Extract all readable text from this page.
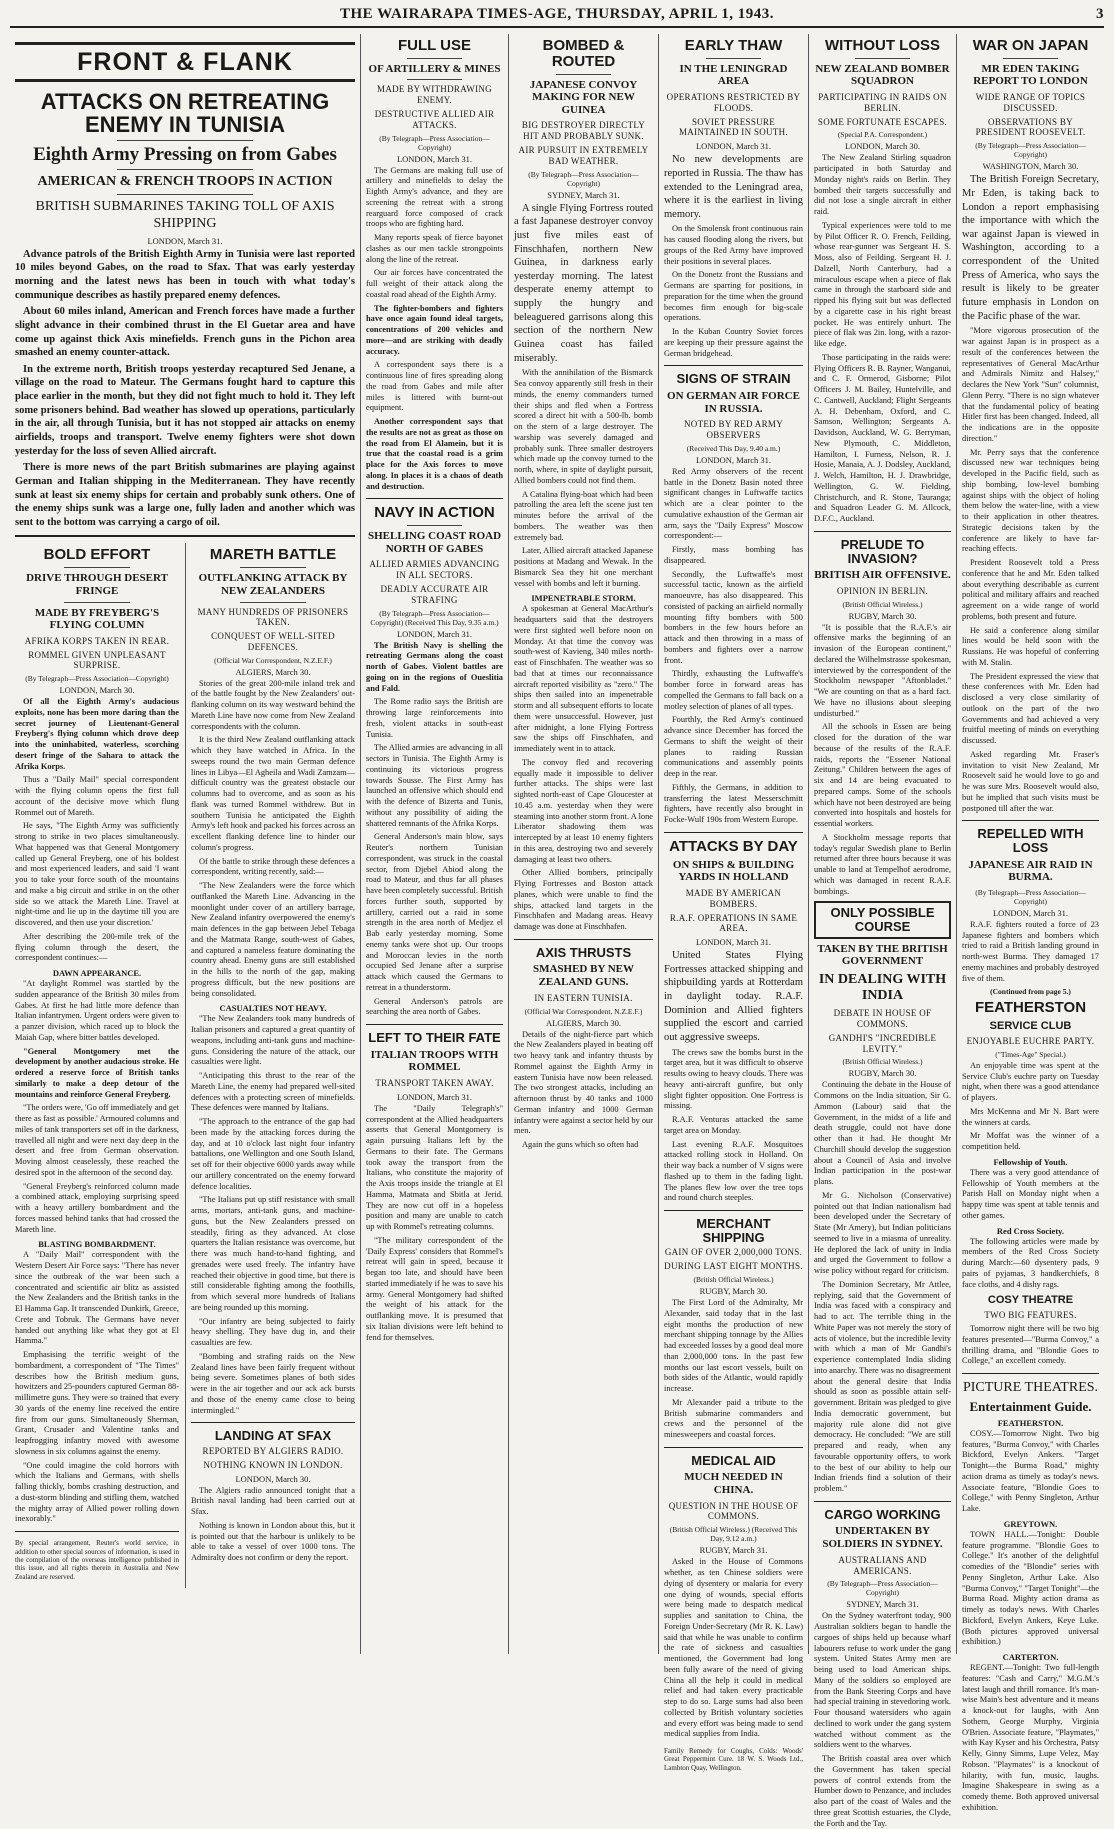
THE WAIRARAPA TIMES-AGE, THURSDAY, APRIL 1, 1943.	3
FRONT & FLANK
ATTACKS ON RETREATING ENEMY IN TUNISIA
Eighth Army Pressing on from Gabes
AMERICAN & FRENCH TROOPS IN ACTION
BRITISH SUBMARINES TAKING TOLL OF AXIS SHIPPING
LONDON, March 31.

Advance patrols of the British Eighth Army in Tunisia were last reported 10 miles beyond Gabes, on the road to Sfax. That was early yesterday morning and the latest news has been in touch with what today's communique describes as hastily prepared enemy defences.

About 60 miles inland, American and French forces have made a further slight advance in their combined thrust in the El Guetar area and have come up against thick Axis minefields. French guns in the Pichon area smashed an enemy counter-attack.

In the extreme north, British troops yesterday recaptured Sed Jenane, a village on the road to Mateur. The Germans fought hard to capture this place earlier in the month, but they did not fight much to hold it. They left some prisoners behind. Bad weather has slowed up operations, particularly in the air, all through Tunisia, but it has not stopped air attacks on enemy airfields, troops and transport. Twelve enemy fighters were shot down yesterday for the loss of seven Allied aircraft.

There is more news of the part British submarines are playing against German and Italian shipping in the Mediterranean. They have recently sunk at least six enemy ships for certain and probably sunk others. One of the enemy ships sunk was a large one, fully laden and another which was sent to the bottom was carrying a cargo of oil.

BOLD EFFORT
DRIVE THROUGH DESERT FRINGE
MADE BY FREYBERG'S FLYING COLUMN
AFRIKA KORPS TAKEN IN REAR.
ROMMEL GIVEN UNPLEASANT SURPRISE.
(By Telegraph—Press Association—Copyright)
LONDON, March 30.

Of all the Eighth Army's audacious exploits, none has been more daring than the secret journey of Lieutenant-General Freyberg's flying column which drove deep into the uninhabited, waterless, scorching desert fringe of the Sahara to attack the Afrika Korps.

Thus a "Daily Mail" special correspondent with the flying column opens the first full account of the decisive move which flung Rommel out of Mareth.

He says, "The Eighth Army was sufficiently strong to strike in two places simultaneously. What happened was that General Montgomery called up General Freyberg, one of his boldest and most experienced leaders, and said 'I want you to take your force south of the mountains and make a big circuit and strike in on the other side so we attack the Mareth Line. Travel at night-time and lie up in the daytime till you are discovered, and then use your discretion.'

After describing the 200-mile trek of the flying column through the desert, the correspondent continues:—

DAWN APPEARANCE.

"At daylight Rommel was startled by the sudden appearance of the British 30 miles from Gabes. At first he had little more defence than Italian infantrymen. Urgent orders were given to a panzer division, which raced up to block the Maiah Gap, where bitter battles developed.

"General Montgomery met the development by another audacious stroke. He ordered a reserve force of British tanks similarly to make a deep detour of the mountains and reinforce General Freyberg.

"The orders were, 'Go off immediately and get there as fast as possible.' Armoured columns and miles of tank transporters set off in the darkness, travelled all night and were next day deep in the desert and free from German observation. Moving almost ceaselessly, these reached the desired spot in the afternoon of the second day.

"General Freyberg's reinforced column made a combined attack, employing surprising speed with a heavy artillery bombardment and the forces massed behind tanks that had crossed the Mareth line.

BLASTING BOMBARDMENT.

A "Daily Mail" correspondent with the Western Desert Air Force says: "There has never since the outbreak of the war been such a concentrated and scientific air blitz as assisted the New Zealanders and the British tanks in the El Hamma Gap. It transcended Dunkirk, Greece, Crete and Tobruk. The Germans have never handed out anything like what they got at El Hamma."

Emphasising the terrific weight of the bombardment, a correspondent of "The Times" describes how the British medium guns, howitzers and 25-pounders captured German 88-millimetre guns. They were so trained that every 30 yards of the enemy line received the entire fire from our guns. Simultaneously Sherman, Grant, Crusader and Valentine tanks and leapfrogging infantry moved with awesome slowness in six columns against the enemy.

"One could imagine the cold horrors with which the Italians and Germans, with shells falling thickly, bombs crashing destruction, and a dust-storm blinding and stifling them, watched the mighty array of Allied power rolling down inexorably."

By special arrangement, Reuter's world service, in addition to other special sources of information, is used in the compilation of the overseas intelligence published in this issue, and all rights therein in Australia and New Zealand are reserved.

MARETH BATTLE
OUTFLANKING ATTACK BY NEW ZEALANDERS
MANY HUNDREDS OF PRISONERS TAKEN.
CONQUEST OF WELL-SITED DEFENCES.
(Official War Correspondent, N.Z.E.F.)
ALGIERS, March 30.

Stories of the great 200-mile inland trek and of the battle fought by the New Zealanders' out-flanking column on its way westward behind the Mareth Line have now come from New Zealand correspondents with the column.

It is the third New Zealand outflanking attack which they have watched in Africa. In the sweeps round the two main German defence lines in Libya—El Agheila and Wadi Zamzam—difficult country was the greatest obstacle our columns had to overcome, and as soon as his flank was turned Rommel withdrew. But in southern Tunisia he anticipated the Eighth Army's left hook and packed his forces across an excellent flanking defence line to hinder our column's progress.

Of the battle to strike through these defences a correspondent, writing recently, said:—

"The New Zealanders were the force which outflanked the Mareth Line. Advancing in the moonlight under cover of an artillery barrage, New Zealand infantry overpowered the enemy's main defences in the gap between Jebel Tebaga and the Matmata Range, south-west of Gabes, and captured a nameless feature dominating the country ahead. Enemy guns are still established in the hills to the north of the gap, making progress difficult, but the new positions are being consolidated.

CASUALTIES NOT HEAVY.

"The New Zealanders took many hundreds of Italian prisoners and captured a great quantity of weapons, including anti-tank guns and machine-guns. Considering the nature of the attack, our casualties were light.

"Anticipating this thrust to the rear of the Mareth Line, the enemy had prepared well-sited defences with a protecting screen of minefields. These defences were manned by Italians.

"The approach to the entrance of the gap had been made by the attacking forces during the day, and at 10 o'clock last night four infantry battalions, one Wellington and one South Island, set off for their objective 6000 yards away while our artillery concentrated on the enemy forward defence localities.

"The Italians put up stiff resistance with small arms, mortars, anti-tank guns, and machine-guns, but the New Zealanders pressed on steadily, firing as they advanced. At close quarters the Italian resistance was overcome, but there was much hand-to-hand fighting, and grenades were used freely. The infantry have reached their objective in good time, but there is still considerable fighting among the foothills, from which several more hundreds of Italians are being rounded up this morning.

"Our infantry are being subjected to fairly heavy shelling. They have dug in, and their casualties are few.

"Bombing and strafing raids on the New Zealand lines have been fairly frequent without being severe. Sometimes planes of both sides were in the air together and our ack ack bursts and those of the enemy came close to being intermingled."

LANDING AT SFAX
REPORTED BY ALGIERS RADIO.
NOTHING KNOWN IN LONDON.
LONDON, March 30.

The Algiers radio announced tonight that a British naval landing had been carried out at Sfax.

Nothing is known in London about this, but it is pointed out that the harbour is unlikely to be able to take a vessel of over 1000 tons. The Admiralty does not confirm or deny the report.

FULL USE
OF ARTILLERY & MINES
MADE BY WITHDRAWING ENEMY.
DESTRUCTIVE ALLIED AIR ATTACKS.
(By Telegraph—Press Association—Copyright)
LONDON, March 31.

The Germans are making full use of artillery and minefields to delay the Eighth Army's advance, and they are screening the retreat with a strong rearguard force composed of crack troops who are fighting hard.

Many reports speak of fierce bayonet clashes as our men tackle strongpoints along the line of the retreat.

Our air forces have concentrated the full weight of their attack along the coastal road ahead of the Eighth Army.

The fighter-bombers and fighters have once again found ideal targets, concentrations of 200 vehicles and more—and are striking with deadly accuracy.

A correspondent says there is a continuous line of fires spreading along the road from Gabes and mile after miles is littered with burnt-out equipment.

Another correspondent says that the results are not as great as those on the road from El Alamein, but it is true that the coastal road is a grim place for the Axis forces to move along. In places it is a chaos of death and destruction.

NAVY IN ACTION
SHELLING COAST ROAD NORTH OF GABES
ALLIED ARMIES ADVANCING IN ALL SECTORS.
DEADLY ACCURATE AIR STRAFING
(By Telegraph—Press Association—Copyright) (Received This Day, 9.35 a.m.)
LONDON, March 31.

The British Navy is shelling the retreating Germans along the coast north of Gabes. Violent battles are going on in the regions of Oueslitia and Fald.

The Rome radio says the British are throwing large reinforcements into fresh, violent attacks in south-east Tunisia.

The Allied armies are advancing in all sectors in Tunisia. The Eighth Army is continuing its victorious progress towards Sousse. The First Army has launched an offensive which should end with the defence of Bizerta and Tunis, without any possibility of aiding the shattered remnants of the Afrika Korps.

General Anderson's main blow, says Reuter's northern Tunisian correspondent, was struck in the coastal sector, from Djebel Abiod along the road to Mateur, and thus far all phases have been completely successful. British forces further south, supported by artillery, carried out a raid in some strength in the area north of Medjez el Bab early yesterday morning. Some enemy tanks were shot up. Our troops and Moroccan levies in the north occupied Sed Jenane after a surprise attack which caused the Germans to retreat in a thunderstorm.

General Anderson's patrols are searching the area north of Gabes.

LEFT TO THEIR FATE
ITALIAN TROOPS WITH ROMMEL
TRANSPORT TAKEN AWAY.
LONDON, March 31.

The "Daily Telegraph's" correspondent at the Allied headquarters asserts that General Montgomery is again pursuing Italians left by the Germans to their fate. The Germans took away the transport from the Italians, who constitute the majority of the Axis troops inside the triangle at El Hamma, Matmata and Sbitla at Jerid. They are now cut off in a hopeless position and many are unable to catch up with Rommel's retreating columns.

"The military correspondent of the 'Daily Express' considers that Rommel's retreat will gain in speed, because it began too late, and should have been started immediately if he was to save his army. General Montgomery had shifted the weight of his attack for the outflanking move. It is presumed that six Italian divisions were left behind to fend for themselves.

BOMBED & ROUTED
JAPANESE CONVOY MAKING FOR NEW GUINEA
BIG DESTROYER DIRECTLY HIT AND PROBABLY SUNK.
AIR PURSUIT IN EXTREMELY BAD WEATHER.
(By Telegraph—Press Association—Copyright)
SYDNEY, March 31.

A single Flying Fortress routed a fast Japanese destroyer convoy just five miles east of Finschhafen, northern New Guinea, in darkness early yesterday morning. The latest desperate enemy attempt to supply the hungry and beleaguered garrisons along this section of the northern New Guinea coast has failed miserably.

With the annihilation of the Bismarck Sea convoy apparently still fresh in their minds, the enemy commanders turned their ships and fled when a Fortress scored a direct hit with a 500-lb. bomb on the stern of a large destroyer. The warship was severely damaged and probably sunk. Three smaller destroyers which made up the convoy turned to the north, where, in spite of daylight pursuit, Allied bombers could not find them.

A Catalina flying-boat which had been patrolling the area left the scene just ten minutes before the arrival of the bombers. The weather was then extremely bad.

Later, Allied aircraft attacked Japanese positions at Madang and Wewak. In the Bismarck Sea they hit one merchant vessel with bombs and left it burning.

IMPENETRABLE STORM.

A spokesman at General MacArthur's headquarters said that the destroyers were first sighted well before noon on Monday. At that time the convoy was south-west of Kavieng, 340 miles north-east of Finschhafen. The weather was so bad that at times our reconnaissance aircraft reported visibility as "zero." The ships then sailed into an impenetrable storm and all subsequent efforts to locate them were unsuccessful. However, just after midnight, a lone Flying Fortress saw the ships off Finschhafen, and immediately went in to attack.

The convoy fled and recovering equally made it impossible to deliver further attacks. The ships were last sighted north-east of Cape Gloucester at 10.45 a.m. yesterday when they were steaming into another storm front. A lone Liberator shadowing them was intercepted by at least 10 enemy fighters in this area, destroying two and severely damaging at least two others.

Other Allied bombers, principally Flying Fortresses and Boston attack planes, which were unable to find the ships, attacked land targets in the Finschhafen and Madang areas. Heavy damage was done at Finschhafen.

AXIS THRUSTS
SMASHED BY NEW ZEALAND GUNS.
IN EASTERN TUNISIA.
(Official War Correspondent, N.Z.E.F.)
ALGIERS, March 30.

Details of the night-fierce part which the New Zealanders played in beating off two heavy tank and infantry thrusts by Rommel against the Eighth Army in eastern Tunisia have now been released. The two strongest attacks, including an afternoon thrust by 40 tanks and 1000 German infantry and 1000 German infantry were against a sector held by our men.

Again the guns which so often had

EARLY THAW
IN THE LENINGRAD AREA
OPERATIONS RESTRICTED BY FLOODS.
SOVIET PRESSURE MAINTAINED IN SOUTH.
LONDON, March 31.

No new developments are reported in Russia. The thaw has extended to the Leningrad area, where it is the earliest in living memory.

On the Smolensk front continuous rain has caused flooding along the rivers, but groups of the Red Army have improved their positions in several places.

On the Donetz front the Russians and Germans are sparring for positions, in preparation for the time when the ground becomes firm enough for big-scale operations.

In the Kuban Country Soviet forces are keeping up their pressure against the German bridgehead.

SIGNS OF STRAIN
ON GERMAN AIR FORCE IN RUSSIA.
NOTED BY RED ARMY OBSERVERS
(Received This Day, 9.40 a.m.)
LONDON, March 31.

Red Army observers of the recent battle in the Donetz Basin noted three significant changes in Luftwaffe tactics which are a clear pointer to the cumulative exhaustion of the German air arm, says the "Daily Express" Moscow correspondent:—

Firstly, mass bombing has disappeared.

Secondly, the Luftwaffe's most successful tactic, known as the airfield manoeuvre, has also disappeared. This consisted of packing an airfield normally mounting fifty bombers with 500 bombers in the few hours before an attack and then throwing in a mass of bombers and fighters over a narrow front.

Thirdly, exhausting the Luftwaffe's bomber force in forward areas has compelled the Germans to fall back on a motley selection of planes of all types.

Fourthly, the Red Army's continued advance since December has forced the Germans to shift the weight of their planes to raiding Russian communications and assembly points deep in the rear.

Fifthly, the Germans, in addition to transferring the latest Messerschmitt fighters, have recently also brought in Focke-Wulf 190s from Western Europe.

ATTACKS BY DAY
ON SHIPS & BUILDING YARDS IN HOLLAND
MADE BY AMERICAN BOMBERS.
R.A.F. OPERATIONS IN SAME AREA.
LONDON, March 31.

United States Flying Fortresses attacked shipping and shipbuilding yards at Rotterdam in daylight today. R.A.F. Dominion and Allied fighters supplied the escort and carried out aggressive sweeps.

The crews saw the bombs burst in the target area, but it was difficult to observe results owing to heavy clouds. There was heavy anti-aircraft gunfire, but only slight fighter opposition. One Fortress is missing.

R.A.F. Venturas attacked the same target area on Monday.

Last evening R.A.F. Mosquitoes attacked rolling stock in Holland. On their way back a number of V signs were flashed up to them in the fading light. The planes flew low over the tree tops and round church steeples.

MERCHANT SHIPPING
GAIN OF OVER 2,000,000 TONS.
DURING LAST EIGHT MONTHS.
(British Official Wireless.)
RUGBY, March 30.

The First Lord of the Admiralty, Mr Alexander, said today that in the last eight months the production of new merchant shipping tonnage by the Allies had exceeded losses by a good deal more than 2,000,000 tons. In the past few months our last escort vessels, built on both sides of the Atlantic, would rapidly increase.

Mr Alexander paid a tribute to the British submarine commanders and crews and the personnel of the minesweepers and coastal forces.

MEDICAL AID
MUCH NEEDED IN CHINA.
QUESTION IN THE HOUSE OF COMMONS.
(British Official Wireless.) (Received This Day, 9.12 a.m.)
RUGBY, March 31.

Asked in the House of Commons whether, as ten Chinese soldiers were dying of dysentery or malaria for every one dying of wounds, special efforts were being made to despatch medical supplies and sanitation to China, the Foreign Under-Secretary (Mr R. K. Law) said that while he was unable to confirm the rate of sickness and casualties mentioned, the Government had long been fully aware of the need of giving China all the help it could in medical relief and had taken every practicable step to do so. Large sums had also been collected by British voluntary societies and every effort was being made to send medical supplies from India.

Family Remedy for Coughs, Colds: Woods' Great Peppermint Cure. 18 W. S. Woods Ltd., Lambton Quay, Wellington.

WITHOUT LOSS
NEW ZEALAND BOMBER SQUADRON
PARTICIPATING IN RAIDS ON BERLIN.
SOME FORTUNATE ESCAPES.
(Special P.A. Correspondent.)
LONDON, March 30.

The New Zealand Stirling squadron participated in both Saturday and Monday night's raids on Berlin. They bombed their targets successfully and did not lose a single aircraft in either raid.

Typical experiences were told to me by Pilot Officer R. O. French, Feilding, whose rear-gunner was Sergeant H. S. Moss, also of Feilding. Sergeant H. J. Dalzell, North Canterbury, had a miraculous escape when a piece of flak came in through the starboard side and ripped his flying suit but was deflected by a cigarette case in his right breast pocket. He was entirely unhurt. The piece of flak was 2in. long, with a razor-like edge.

Those participating in the raids were: Flying Officers R. B. Rayner, Wanganui, and C. F. Ormerod, Gisborne; Pilot Officers J. M. Bailey, Huntelville, and C. Cantwell, Auckland; Flight Sergeants A. H. Debenham, Oxford, and C. Samson, Wellington; Sergeants A. Davidson, Auckland, W. G. Berryman, New Plymouth, C. Middleton, Hamilton, I. Furness, Nelson, R. J. Hosie, Manaia, A. J. Dodsley, Auckland, J. Welch, Hamilton, H. J. Drawbridge, Wellington, G. W. Fielding, Christchurch, and R. Stone, Tauranga; and Squadron Leader G. M. Allcock, D.F.C., Auckland.

PRELUDE TO INVASION?
BRITISH AIR OFFENSIVE.
OPINION IN BERLIN.
(British Official Wireless.)
RUGBY, March 30.

"It is possible that the R.A.F.'s air offensive marks the beginning of an invasion of the European continent," declared the Wilhelmstrasse spokesman, interviewed by the correspondent of the Stockholm newspaper "Aftonbladet." "We are counting on that as a hard fact. We have no illusions about sleeping undisturbed."

All the schools in Essen are being closed for the duration of the war because of the results of the R.A.F. raids, reports the "Essener National Zeitung." Children between the ages of six and 14 are being evacuated to prepared camps. Some of the schools which have not been destroyed are being converted into hospitals and hostels for essential workers.

A Stockholm message reports that today's regular Swedish plane to Berlin returned after three hours because it was unable to land at Tempelhof aerodrome, which was damaged in recent R.A.F. bombings.

ONLY POSSIBLE COURSE
TAKEN BY THE BRITISH GOVERNMENT
IN DEALING WITH INDIA
DEBATE IN HOUSE OF COMMONS.
GANDHI'S "INCREDIBLE LEVITY."
(British Official Wireless.)
RUGBY, March 30.

Continuing the debate in the House of Commons on the India situation, Sir G. Ammon (Labour) said that the Government, in the midst of a life and death struggle, could not have done other than it had. He thought Mr Churchill should develop the suggestion about a Council of Asia and involve Indian participation in the post-war plans.

Mr G. Nicholson (Conservative) pointed out that Indian nationalism had been developed under the Secretary of State (Mr Amery), but Indian politicians seemed to live in a miasma of unreality. He deplored the lack of unity in India and urged the Government to follow a wise policy without regard for criticism.

The Dominion Secretary, Mr Attlee, replying, said that the Government of India was faced with a conspiracy and had to act. The terrible thing in the White Paper was not merely the story of acts of violence, but the incredible levity with which a man of Mr Gandhi's experience contemplated India sliding into anarchy. There was no disagreement about the general desire that India should as soon as possible attain self-government. Britain was pledged to give India democratic government, but majority rule alone did not give democracy. He concluded: "We are still prepared and ready, when any favourable opportunity offers, to work to the best of our ability to help our Indian friends find a solution of their problem."

CARGO WORKING
UNDERTAKEN BY SOLDIERS IN SYDNEY.
AUSTRALIANS AND AMERICANS.
(By Telegraph—Press Association—Copyright)
SYDNEY, March 31.

On the Sydney waterfront today, 900 Australian soldiers began to handle the cargoes of ships held up because wharf labourers refuse to work under the gang system. United States Army men are being used to load American ships. Many of the soldiers so employed are from the Bank Steering Corps and have had special training in stevedoring work. Four thousand watersiders who again declined to work under the gang system watched without comment as the soldiers went to the wharves.

The British coastal area over which the Government has taken special powers of control extends from the Humber down to Penzance, and includes also part of the coast of Wales and the three great Scottish estuaries, the Clyde, the Forth and the Tay.

WAR ON JAPAN
MR EDEN TAKING REPORT TO LONDON
WIDE RANGE OF TOPICS DISCUSSED.
OBSERVATIONS BY PRESIDENT ROOSEVELT.
(By Telegraph—Press Association—Copyright)
WASHINGTON, March 30.

The British Foreign Secretary, Mr Eden, is taking back to London a report emphasising the importance with which the war against Japan is viewed in Washington, according to a correspondent of the United Press of America, who says the result is likely to be greater future emphasis in London on the Pacific phase of the war.

"More vigorous prosecution of the war against Japan is in prospect as a result of the conferences between the representatives of General MacArthur and Admirals Nimitz and Halsey," declares the New York "Sun" columnist, Glenn Perry. "There is no sign whatever that the fundamental policy of beating Hitler first has been changed. Indeed, all the indications are in the opposite direction."

Mr. Perry says that the conference discussed new war techniques being developed in the Pacific field, such as ship bombing, low-level bombing against ships with the object of holing them below the water-line, with a view to their application in other theatres. Strategic decisions taken by the conference are likely to have far-reaching effects.

President Roosevelt told a Press conference that he and Mr. Eden talked about everything describable as current political and military affairs and reached agreement on a wide range of world problems, both present and future.

He said a conference along similar lines would be held soon with the Russians. He was hopeful of conferring with M. Stalin.

The President expressed the view that these conferences with Mr. Eden had disclosed a very close similarity of outlook on the part of the two Governments and had achieved a very fruitful meeting of minds on everything discussed.

Asked regarding Mr. Fraser's invitation to visit New Zealand, Mr Roosevelt said he would love to go and he was sure Mrs. Roosevelt would also, but he implied that such visits must be postponed till after the war.

REPELLED WITH LOSS
JAPANESE AIR RAID IN BURMA.
(By Telegraph—Press Association—Copyright)
LONDON, March 31.

R.A.F. fighters routed a force of 23 Japanese fighters and bombers which tried to raid a British landing ground in north-west Burma. They damaged 17 enemy machines and probably destroyed five of them.

(Continued from page 5.)
FEATHERSTON
SERVICE CLUB
ENJOYABLE EUCHRE PARTY.
("Times-Age" Special.)

An enjoyable time was spent at the Service Club's euchre party on Tuesday night, when there was a good attendance of players.

Mrs McKenna and Mr N. Bart were the winners at cards.

Mr Moffat was the winner of a competition held.

Fellowship of Youth.

There was a very good attendance of Fellowship of Youth members at the Parish Hall on Monday night when a happy time was spent at table tennis and other games.

Red Cross Society.

The following articles were made by members of the Red Cross Society during March:—60 dysentery pads, 9 pairs of pyjamas, 3 handkerchiefs, 8 face cloths, and 4 dishy rags.

COSY THEATRE
TWO BIG FEATURES.

Tomorrow night there will be two big features presented—"Burma Convoy," a thrilling drama, and "Blondie Goes to College," an excellent comedy.

PICTURE THEATRES.
Entertainment Guide.
FEATHERSTON.

COSY.—Tomorrow Night. Two big features, "Burma Convoy," with Charles Bickford, Evelyn Ankers. "Target Tonight—the Burma Road," mighty action drama as timely as today's news. Associate feature, "Blondie Goes to College," with Penny Singleton, Arthur Lake.

GREYTOWN.

TOWN HALL.—Tonight: Double feature programme. "Blondie Goes to College." It's another of the delightful comedies of the "Blondie" series with Penny Singleton, Arthur Lake. Also "Burma Convoy," "Target Tonight"—the Burma Road. Mighty action drama as timely as today's news. With Charles Bickford, Evelyn Ankers, Keye Luke. (Both pictures approved universal exhibition.)

CARTERTON.

REGENT.—Tonight: Two full-length features: "Cash and Carry," M.G.M.'s latest laugh and thrill romance. It's man-wise Main's best adventure and it means a knock-out for laughs, with Ann Sothern, George Murphy, Virginia O'Brien. Associate feature, "Playmates," with Kay Kyser and his Orchestra, Patsy Kelly, Ginny Simms, Lupe Velez, May Robson. "Playmates" is a knockout of hilarity, with fun, music, laughs. Imagine Shakespeare in swing as a comedy theme. Both approved universal exhibition.
